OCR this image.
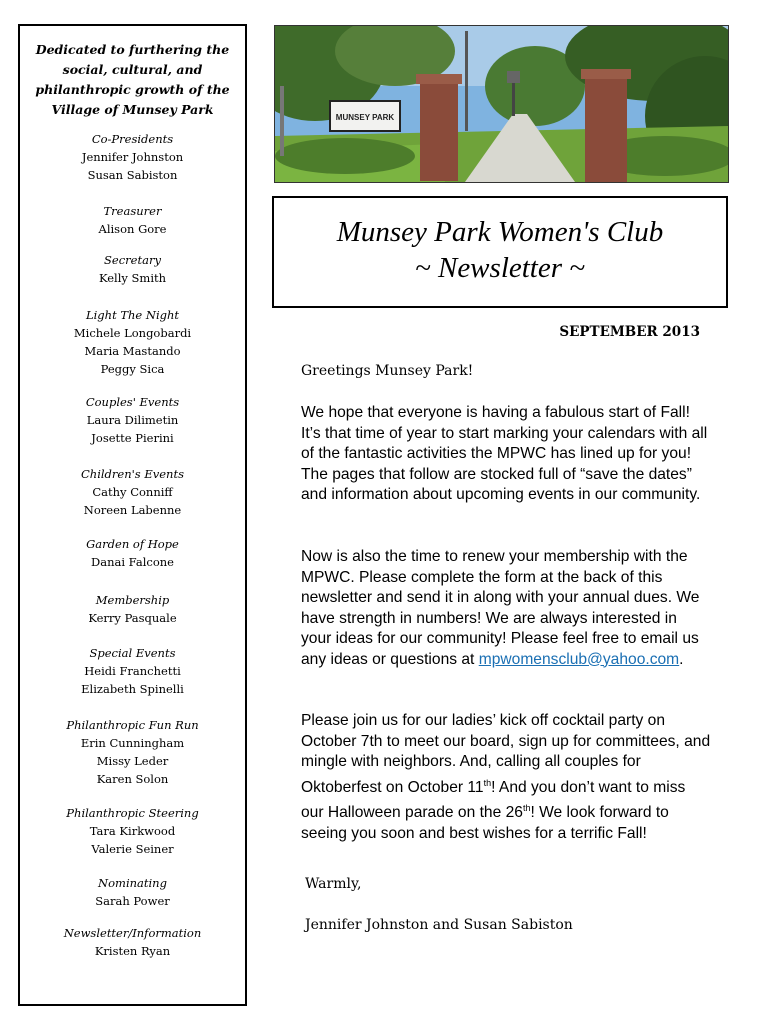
Dedicated to furthering the social, cultural, and philanthropic growth of the Village of Munsey Park
Co-Presidents
Jennifer Johnston
Susan Sabiston
Treasurer
Alison Gore
Secretary
Kelly Smith
Light The Night
Michele Longobardi
Maria Mastando
Peggy Sica
Couples' Events
Laura Dilimetin
Josette Pierini
Children's Events
Cathy Conniff
Noreen Labenne
Garden of Hope
Danai Falcone
Membership
Kerry Pasquale
Special Events
Heidi Franchetti
Elizabeth Spinelli
Philanthropic Fun Run
Erin Cunningham
Missy Leder
Karen Solon
Philanthropic Steering
Tara Kirkwood
Valerie Seiner
Nominating
Sarah Power
Newsletter/Information
Kristen Ryan
MUNSEY PARK
Munsey Park Women's Club
~ Newsletter ~
SEPTEMBER 2013
Greetings Munsey Park!
We hope that everyone is having a fabulous start of Fall! It’s that time of year to start marking your calendars with all of the fantastic activities the MPWC has lined up for you! The pages that follow are stocked full of “save the dates” and information about upcoming events in our community.
Now is also the time to renew your membership with the MPWC. Please complete the form at the back of this newsletter and send it in along with your annual dues. We have strength in numbers! We are always interested in your ideas for our community! Please feel free to email us any ideas or questions at mpwomensclub@yahoo.com.
Please join us for our ladies’ kick off cocktail party on October 7th to meet our board, sign up for committees, and mingle with neighbors. And, calling all couples for Oktoberfest on October 11th! And you don’t want to miss our Halloween parade on the 26th! We look forward to seeing you soon and best wishes for a terrific Fall!
Warmly,
Jennifer Johnston and Susan Sabiston
